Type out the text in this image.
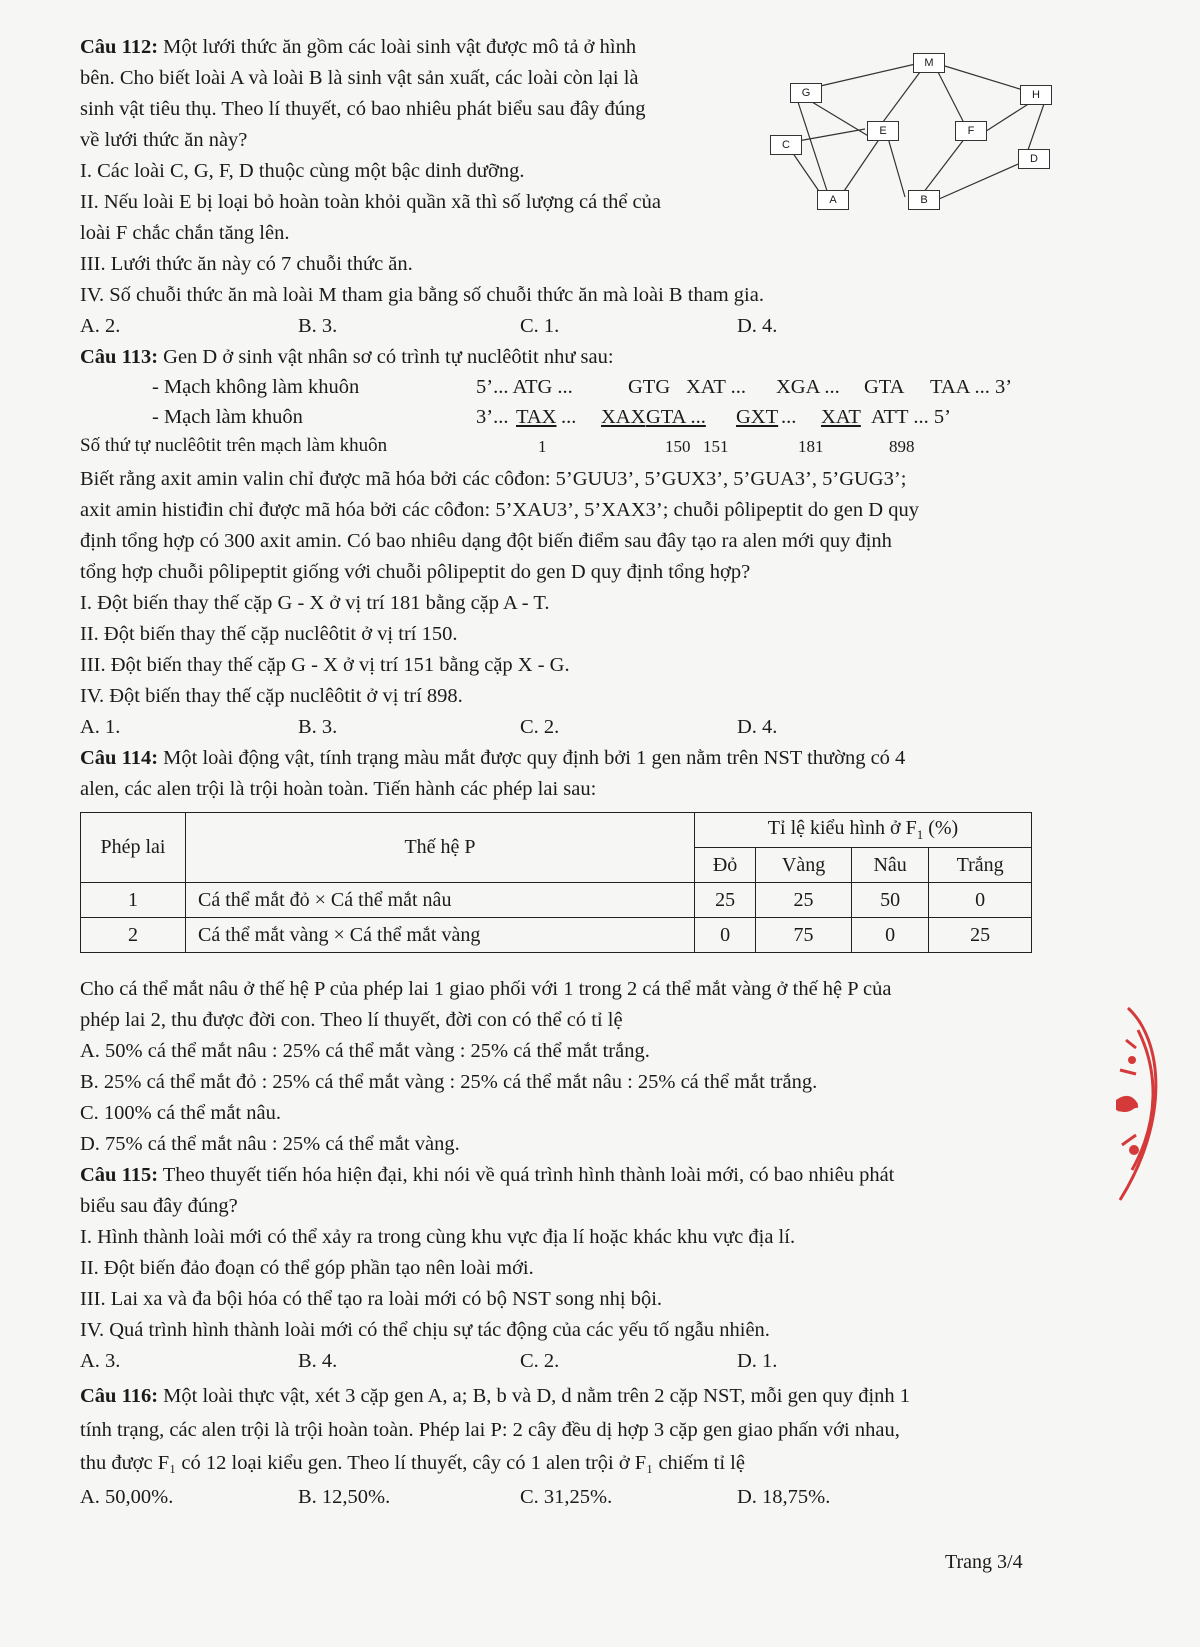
Câu 112: Một lưới thức ăn gồm các loài sinh vật được mô tả ở hình
bên. Cho biết loài A và loài B là sinh vật sản xuất, các loài còn lại là
sinh vật tiêu thụ. Theo lí thuyết, có bao nhiêu phát biểu sau đây đúng
về lưới thức ăn này?
I. Các loài C, G, F, D thuộc cùng một bậc dinh dưỡng.
II. Nếu loài E bị loại bỏ hoàn toàn khỏi quần xã thì số lượng cá thể của
loài F chắc chắn tăng lên.
III. Lưới thức ăn này có 7 chuỗi thức ăn.
IV. Số chuỗi thức ăn mà loài M tham gia bằng số chuỗi thức ăn mà loài B tham gia.
A. 2.	B. 3.	C. 1.	D. 4.
M
G	H
E	F
C
D
A	B
Câu 113: Gen D ở sinh vật nhân sơ có trình tự nuclêôtit như sau:
- Mạch không làm khuôn	5’... ATG ...	GTG XAT ... XGA ... GTA TAA ... 3’
- Mạch làm khuôn	3’... TAX ... XAXGTA ... GXT ... XAT ATT ... 5’
Số thứ tự nuclêôtit trên mạch làm khuôn	1	150 151	181	898
Biết rằng axit amin valin chỉ được mã hóa bởi các côđon: 5’GUU3’, 5’GUX3’, 5’GUA3’, 5’GUG3’;
axit amin histiđin chỉ được mã hóa bởi các côđon: 5’XAU3’, 5’XAX3’; chuỗi pôlipeptit do gen D quy
định tổng hợp có 300 axit amin. Có bao nhiêu dạng đột biến điểm sau đây tạo ra alen mới quy định
tổng hợp chuỗi pôlipeptit giống với chuỗi pôlipeptit do gen D quy định tổng hợp?
I. Đột biến thay thế cặp G - X ở vị trí 181 bằng cặp A - T.
II. Đột biến thay thế cặp nuclêôtit ở vị trí 150.
III. Đột biến thay thế cặp G - X ở vị trí 151 bằng cặp X - G.
IV. Đột biến thay thế cặp nuclêôtit ở vị trí 898.
A. 1.	B. 3.	C. 2.	D. 4.
Câu 114: Một loài động vật, tính trạng màu mắt được quy định bởi 1 gen nằm trên NST thường có 4
alen, các alen trội là trội hoàn toàn. Tiến hành các phép lai sau:
Phép lai	Thế hệ P	Tỉ lệ kiểu hình ở $F_1$ (%)			
		Đỏ	Vàng	Nâu	Trắng
1	Cá thể mắt đỏ × Cá thể mắt nâu	25	25	50	0
2	Cá thể mắt vàng × Cá thể mắt vàng	0	75	0	25
Cho cá thể mắt nâu ở thế hệ P của phép lai 1 giao phối với 1 trong 2 cá thể mắt vàng ở thế hệ P của
phép lai 2, thu được đời con. Theo lí thuyết, đời con có thể có tỉ lệ
A. 50% cá thể mắt nâu : 25% cá thể mắt vàng : 25% cá thể mắt trắng.
B. 25% cá thể mắt đỏ : 25% cá thể mắt vàng : 25% cá thể mắt nâu : 25% cá thể mắt trắng.
C. 100% cá thể mắt nâu.
D. 75% cá thể mắt nâu : 25% cá thể mắt vàng.
Câu 115: Theo thuyết tiến hóa hiện đại, khi nói về quá trình hình thành loài mới, có bao nhiêu phát
biểu sau đây đúng?
I. Hình thành loài mới có thể xảy ra trong cùng khu vực địa lí hoặc khác khu vực địa lí.
II. Đột biến đảo đoạn có thể góp phần tạo nên loài mới.
III. Lai xa và đa bội hóa có thể tạo ra loài mới có bộ NST song nhị bội.
IV. Quá trình hình thành loài mới có thể chịu sự tác động của các yếu tố ngẫu nhiên.
A. 3.	B. 4.	C. 2.	D. 1.
Câu 116: Một loài thực vật, xét 3 cặp gen A, a; B, b và D, d nằm trên 2 cặp NST, mỗi gen quy định 1
tính trạng, các alen trội là trội hoàn toàn. Phép lai P: 2 cây đều dị hợp 3 cặp gen giao phấn với nhau,
thu được F₁ có 12 loại kiểu gen. Theo lí thuyết, cây có 1 alen trội ở F₁ chiếm tỉ lệ
A. 50,00%.	B. 12,50%.	C. 31,25%.	D. 18,75%.
Trang 3/4
